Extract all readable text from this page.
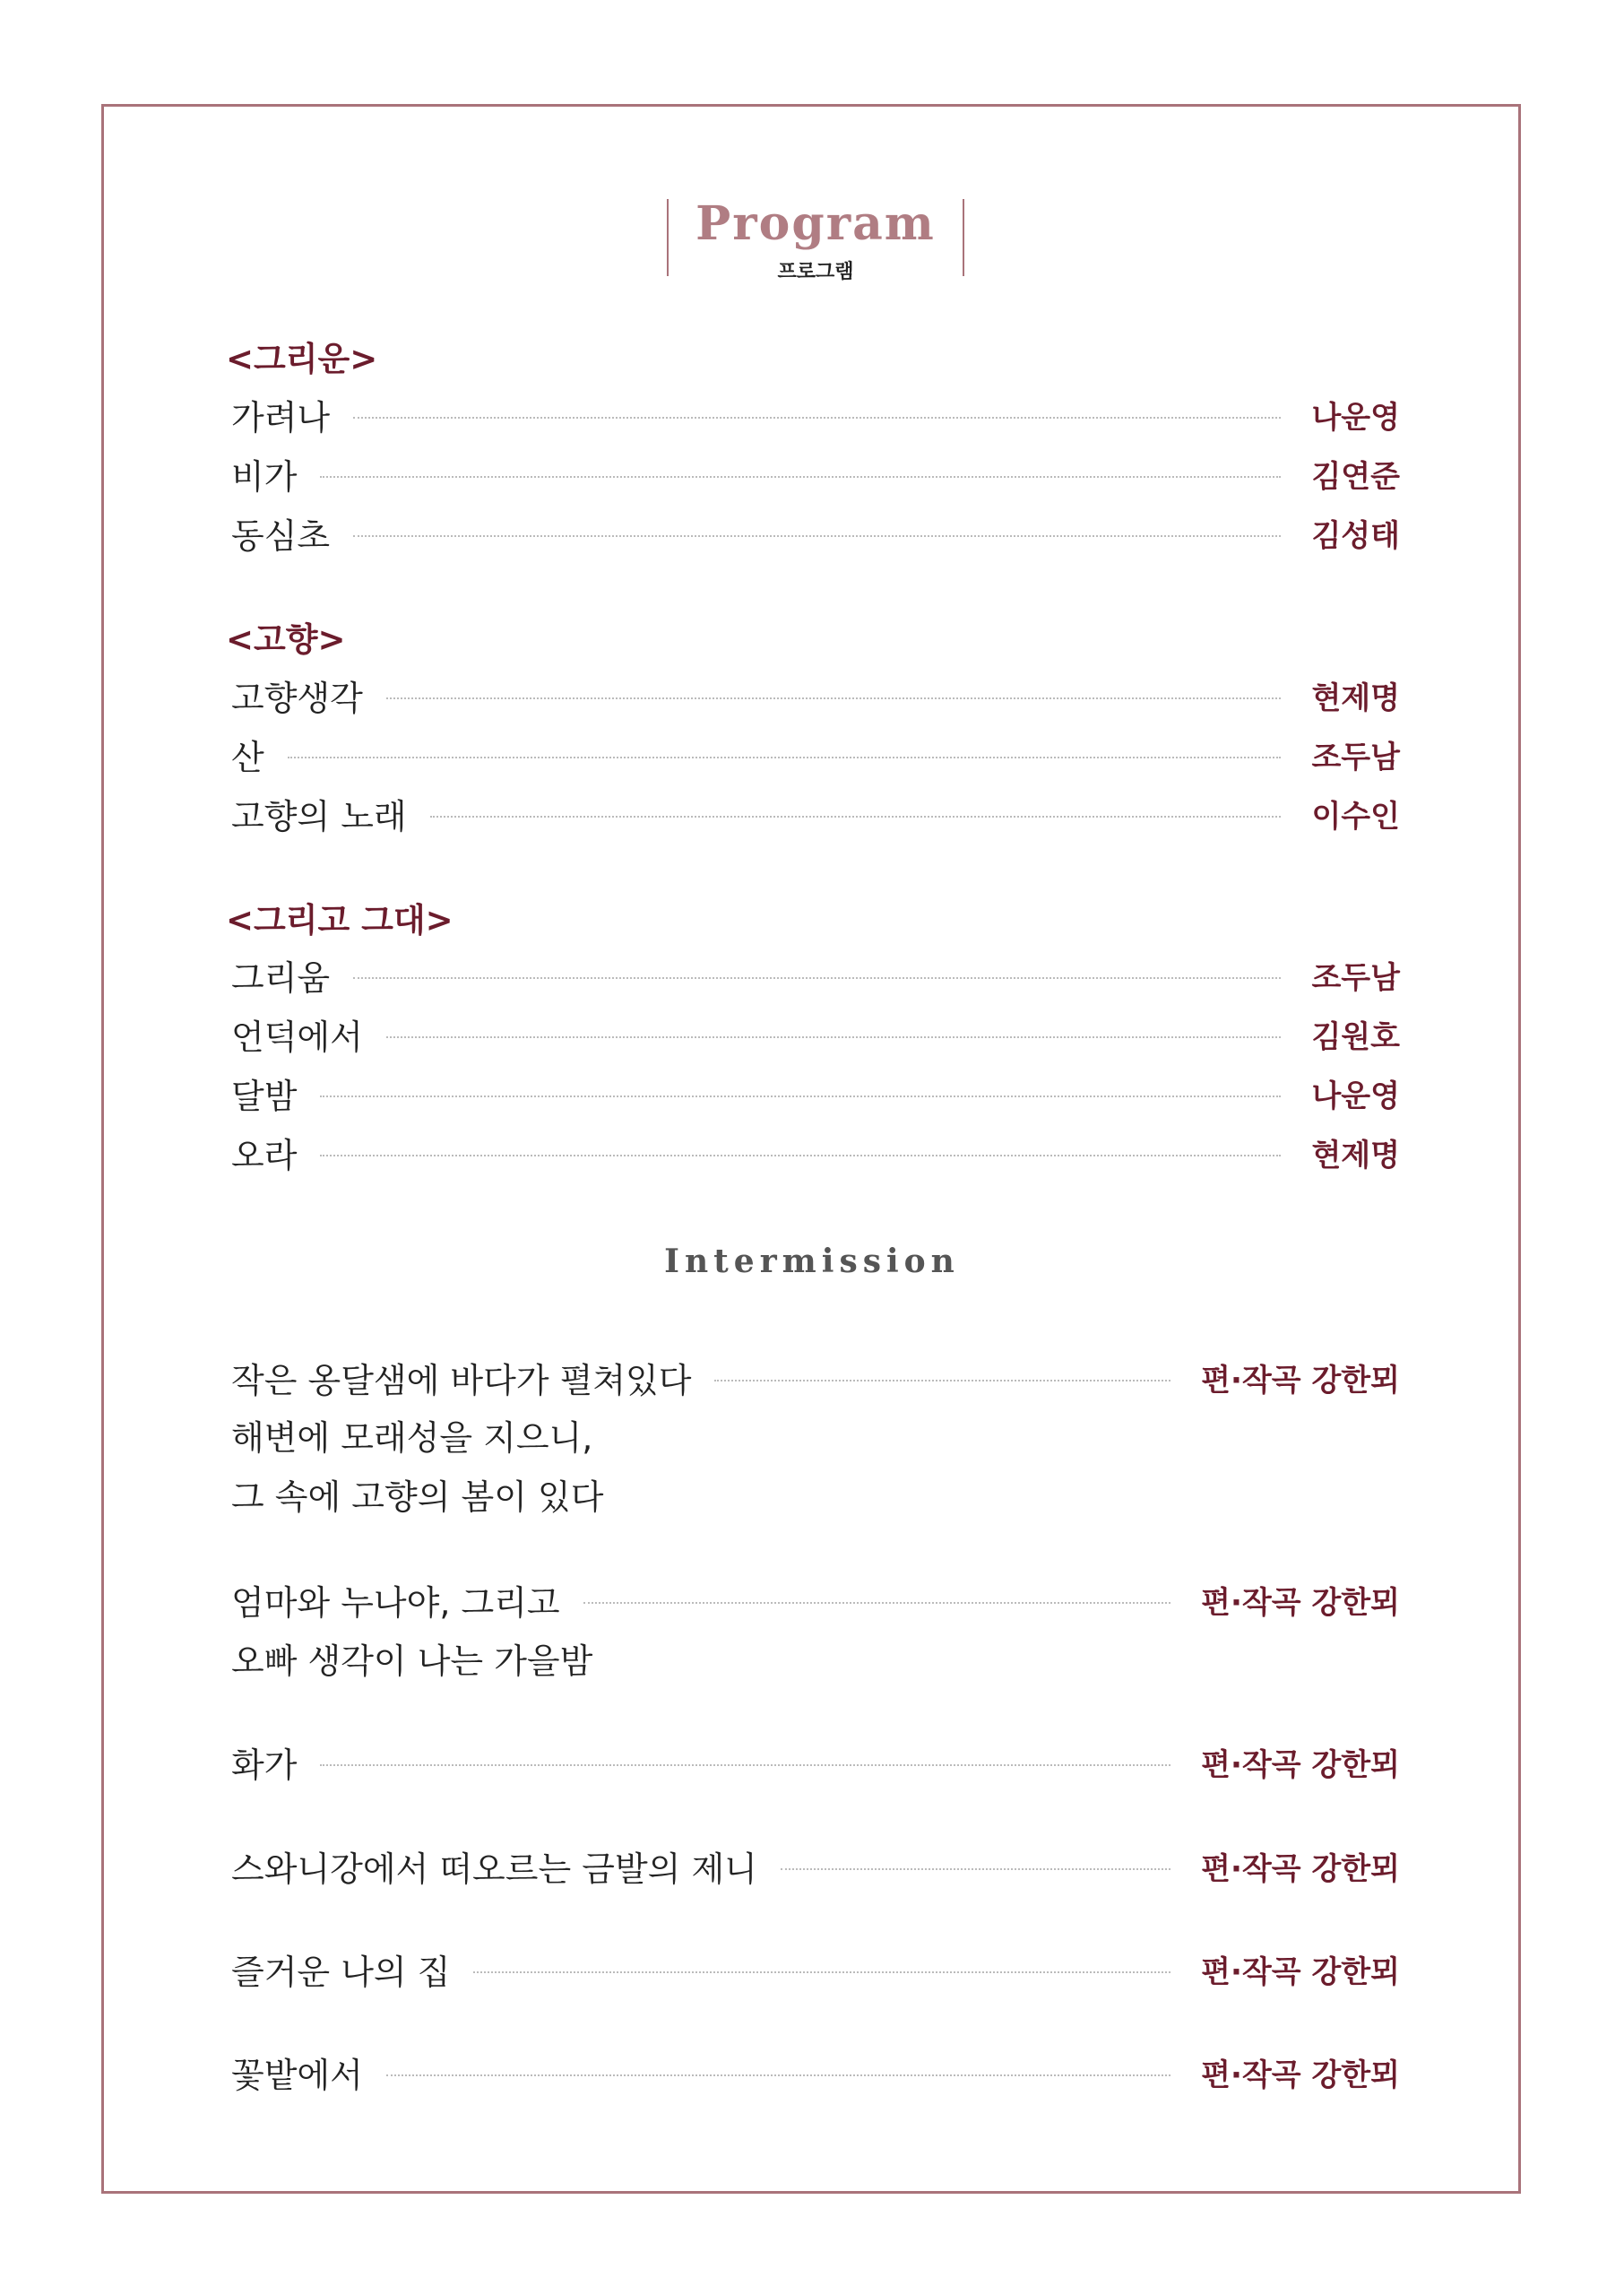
Program
프로그램
<그리운>
가려나	나운영
비가	김연준
동심초	김성태
<고향>
고향생각	현제명
산	조두남
고향의 노래	이수인
<그리고 그대>
그리움	조두남
언덕에서	김원호
달밤	나운영
오라	현제명
Intermission
작은 옹달샘에 바다가 펼쳐있다	편·작곡 강한뫼
해변에 모래성을 지으니,
그 속에 고향의 봄이 있다
엄마와 누나야, 그리고	편·작곡 강한뫼
오빠 생각이 나는 가을밤
화가	편·작곡 강한뫼
스와니강에서 떠오르는 금발의 제니	편·작곡 강한뫼
즐거운 나의 집	편·작곡 강한뫼
꽃밭에서	편·작곡 강한뫼
